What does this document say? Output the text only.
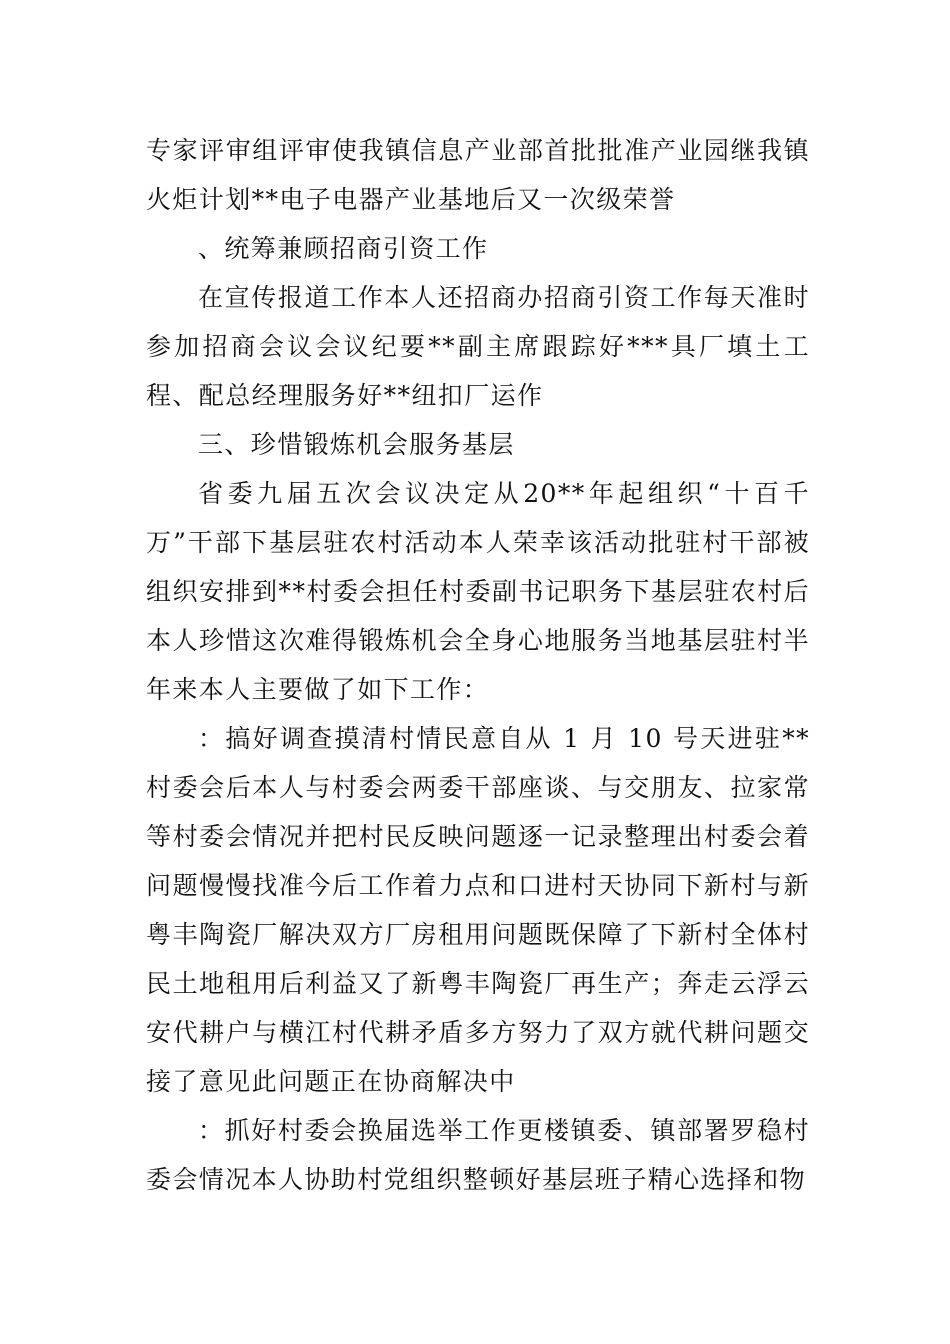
专家评审组评审使我镇信息产业部首批批准产业园继我镇火炬计划**电子电器产业基地后又一次级荣誉

、统筹兼顾招商引资工作

在宣传报道工作本人还招商办招商引资工作每天准时参加招商会议会议纪要**副主席跟踪好***具厂填土工程、配总经理服务好**纽扣厂运作

三、珍惜锻炼机会服务基层

省委九届五次会议决定从20**年起组织“十百千万”干部下基层驻农村活动本人荣幸该活动批驻村干部被组织安排到**村委会担任村委副书记职务下基层驻农村后本人珍惜这次难得锻炼机会全身心地服务当地基层驻村半年来本人主要做了如下工作：

：搞好调查摸清村情民意自从 1 月 10 号天进驻**村委会后本人与村委会两委干部座谈、与交朋友、拉家常等村委会情况并把村民反映问题逐一记录整理出村委会着问题慢慢找准今后工作着力点和口进村天协同下新村与新粤丰陶瓷厂解决双方厂房租用问题既保障了下新村全体村民土地租用后利益又了新粤丰陶瓷厂再生产；奔走云浮云安代耕户与横江村代耕矛盾多方努力了双方就代耕问题交接了意见此问题正在协商解决中

：抓好村委会换届选举工作更楼镇委、镇部署罗稳村委会情况本人协助村党组织整顿好基层班子精心选择和物
